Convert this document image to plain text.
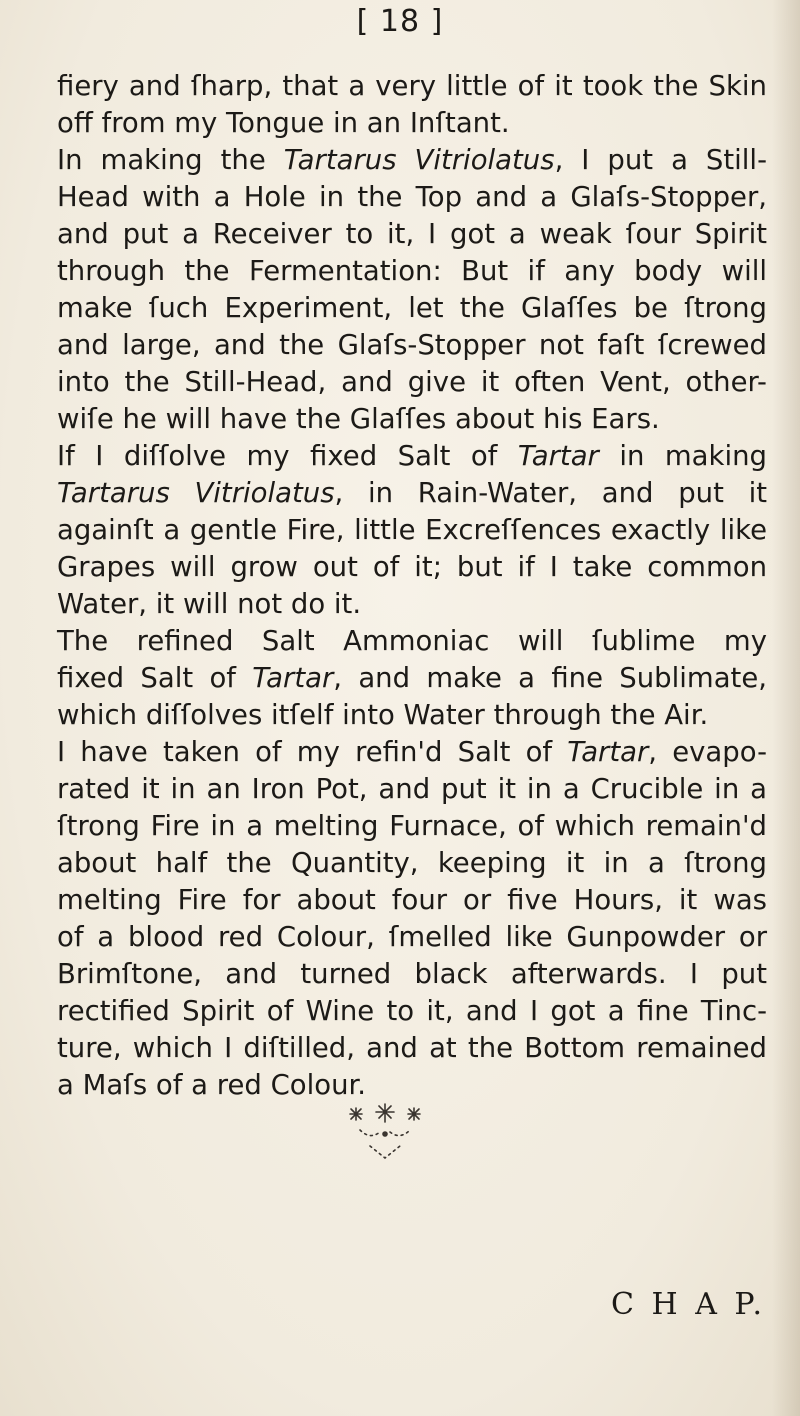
[ 18 ]
fiery and ſharp, that a very little of it took the Skin
off from my Tongue in an Inſtant.
In making the Tartarus Vitriolatus, I put a Still-
Head with a Hole in the Top and a Glaſs-Stopper,
and put a Receiver to it, I got a weak ſour Spirit
through the Fermentation: But if any body will
make ſuch Experiment, let the Glaſſes be ſtrong
and large, and the Glaſs-Stopper not faſt ſcrewed
into the Still-Head, and give it often Vent, other-
wiſe he will have the Glaſſes about his Ears.
If I diſſolve my fixed Salt of Tartar in making
Tartarus Vitriolatus, in Rain-Water, and put it
againſt a gentle Fire, little Excreſſences exactly like
Grapes will grow out of it; but if I take common
Water, it will not do it.
The refined Salt Ammoniac will ſublime my
fixed Salt of Tartar, and make a fine Sublimate,
which diſſolves itſelf into Water through the Air.
I have taken of my refin'd Salt of Tartar, evapo-
rated it in an Iron Pot, and put it in a Crucible in a
ſtrong Fire in a melting Furnace, of which remain'd
about half the Quantity, keeping it in a ſtrong
melting Fire for about four or five Hours, it was
of a blood red Colour, ſmelled like Gunpowder or
Brimſtone, and turned black afterwards. I put
rectified Spirit of Wine to it, and I got a fine Tinc-
ture, which I diſtilled, and at the Bottom remained
a Maſs of a red Colour.
C H A P.
